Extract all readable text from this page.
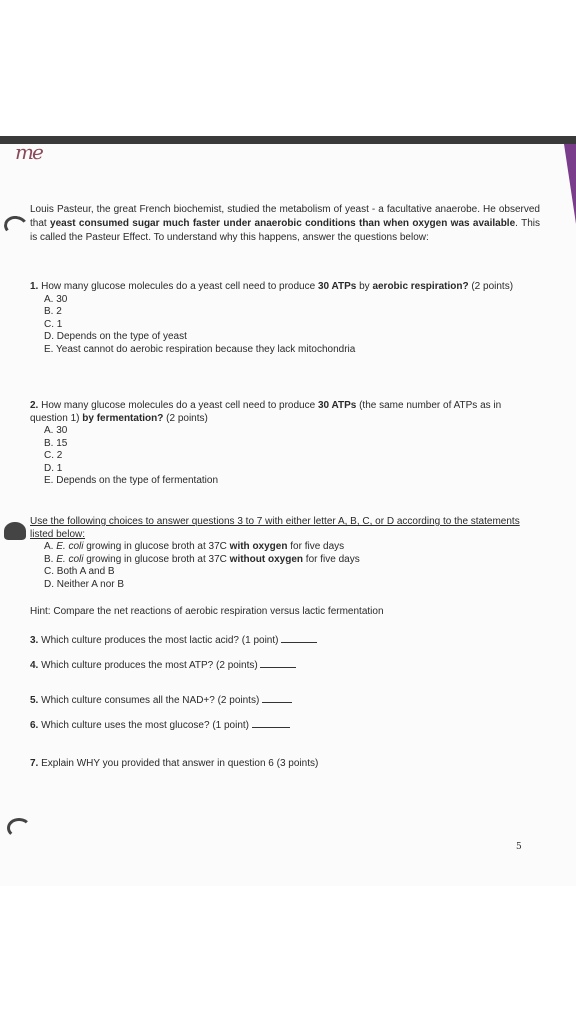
me

Louis Pasteur, the great French biochemist, studied the metabolism of yeast - a facultative anaerobe. He observed that yeast consumed sugar much faster under anaerobic conditions than when oxygen was available. This is called the Pasteur Effect. To understand why this happens, answer the questions below:

1. How many glucose molecules do a yeast cell need to produce 30 ATPs by aerobic respiration? (2 points)
A. 30
B. 2
C. 1
D. Depends on the type of yeast
E. Yeast cannot do aerobic respiration because they lack mitochondria
2. How many glucose molecules do a yeast cell need to produce 30 ATPs (the same number of ATPs as in question 1) by fermentation? (2 points)
A. 30
B. 15
C. 2
D. 1
E. Depends on the type of fermentation
Use the following choices to answer questions 3 to 7 with either letter A, B, C, or D according to the statements listed below:
A. E. coli growing in glucose broth at 37C with oxygen for five days
B. E. coli growing in glucose broth at 37C without oxygen for five days
C. Both A and B
D. Neither A nor B
Hint: Compare the net reactions of aerobic respiration versus lactic fermentation
3. Which culture produces the most lactic acid? (1 point)
4. Which culture produces the most ATP? (2 points)
5. Which culture consumes all the NAD+? (2 points)
6. Which culture uses the most glucose? (1 point)
7. Explain WHY you provided that answer in question 6 (3 points)
5
